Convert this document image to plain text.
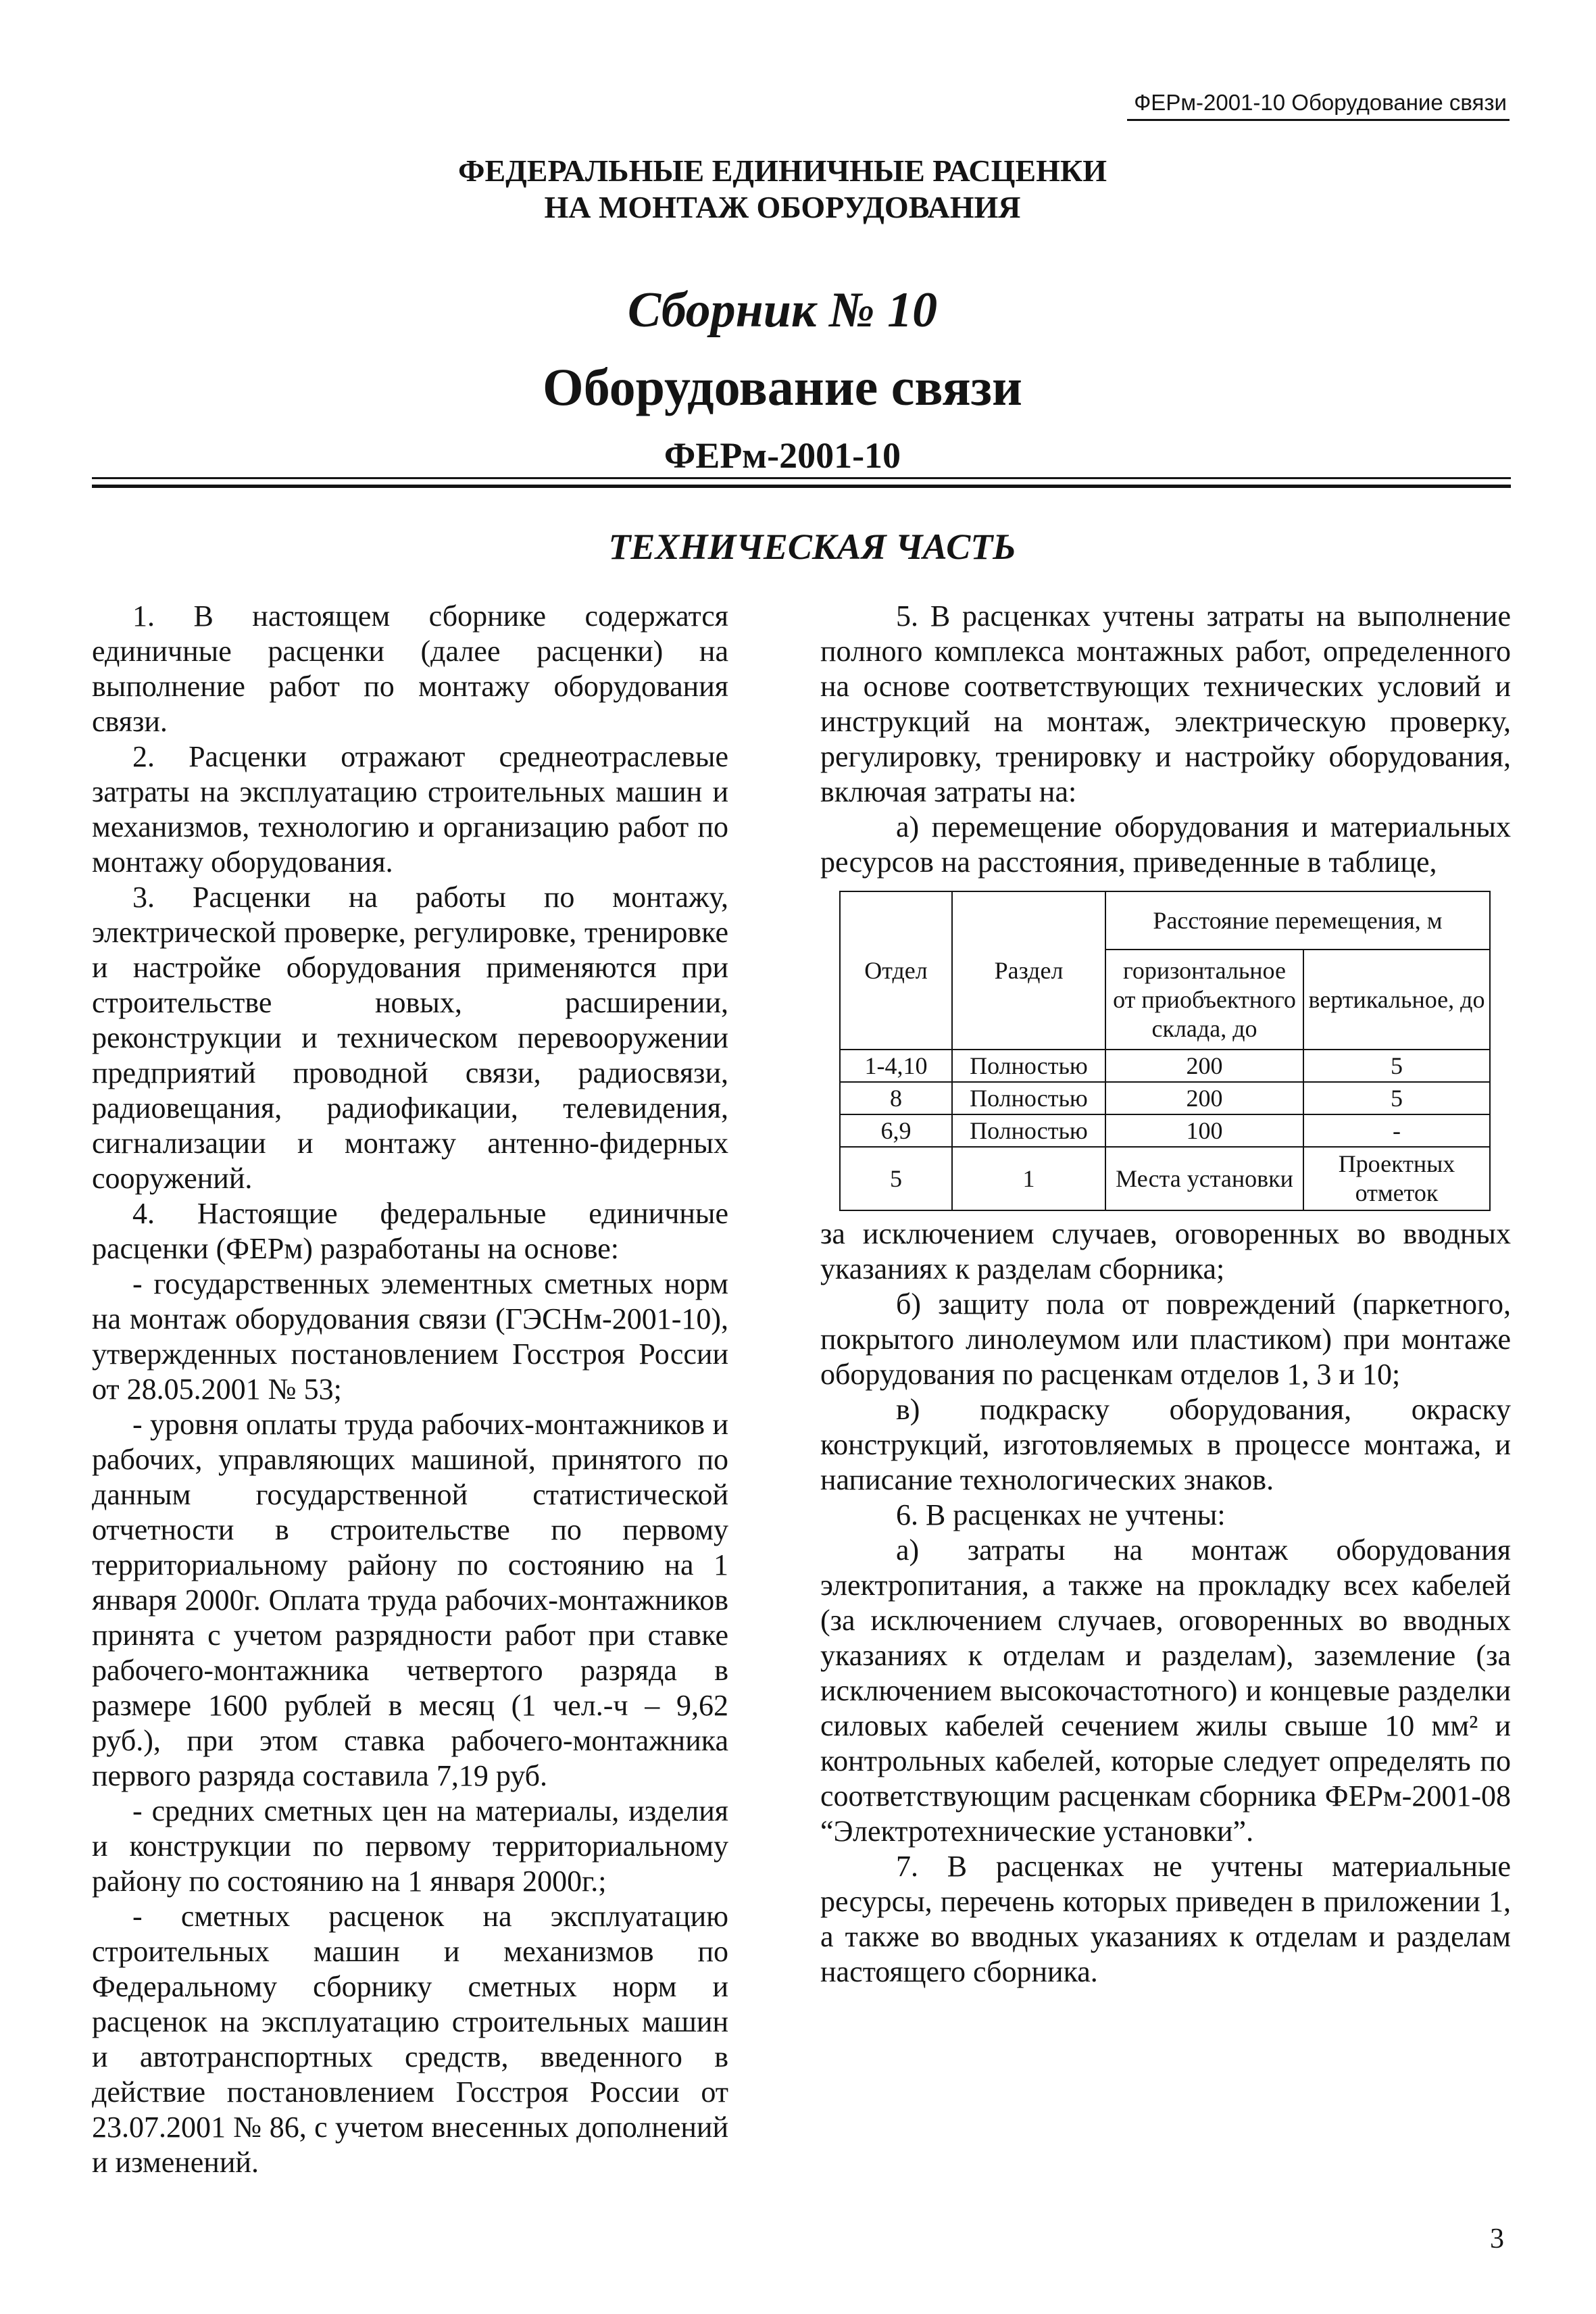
ФЕРм-2001-10 Оборудование связи
ФЕДЕРАЛЬНЫЕ ЕДИНИЧНЫЕ РАСЦЕНКИ
НА МОНТАЖ ОБОРУДОВАНИЯ
Сборник № 10
Оборудование связи
ФЕРм-2001-10
ТЕХНИЧЕСКАЯ ЧАСТЬ

1. В настоящем сборнике содержатся единичные расценки (далее расценки) на выполнение работ по монтажу оборудования связи.

2. Расценки отражают среднеотраслевые затраты на эксплуатацию строительных машин и механизмов, технологию и организацию работ по монтажу оборудования.

3. Расценки на работы по монтажу, электрической проверке, регулировке, тренировке и настройке оборудования применяются при строительстве новых, расширении, реконструкции и техническом перевооружении предприятий проводной связи, радиосвязи, радиовещания, радиофикации, телевидения, сигнализации и монтажу антенно-фидерных сооружений.

4. Настоящие федеральные единичные расценки (ФЕРм) разработаны на основе:

- государственных элементных сметных норм на монтаж оборудования связи (ГЭСНм-2001-10), утвержденных постановлением Госстроя России от 28.05.2001 № 53;

- уровня оплаты труда рабочих-монтажников и рабочих, управляющих машиной, принятого по данным государственной статистической отчетности в строительстве по первому территориальному району по состоянию на 1 января 2000г. Оплата труда рабочих-монтажников принята с учетом разрядности работ при ставке рабочего-монтажника четвертого разряда в размере 1600 рублей в месяц (1 чел.-ч – 9,62 руб.), при этом ставка рабочего-монтажника первого разряда составила 7,19 руб.

- средних сметных цен на материалы, изделия и конструкции по первому территориальному району по состоянию на 1 января 2000г.;

- сметных расценок на эксплуатацию строительных машин и механизмов по Федеральному сборнику сметных норм и расценок на эксплуатацию строительных машин и автотранспортных средств, введенного в действие постановлением Госстроя России от 23.07.2001 № 86, с учетом внесенных дополнений и изменений.

5. В расценках учтены затраты на выполнение полного комплекса монтажных работ, определенного на основе соответствующих технических условий и инструкций на монтаж, электрическую проверку, регулировку, тренировку и настройку оборудования, включая затраты на:

а) перемещение оборудования и материальных ресурсов на расстояния, приведенные в таблице,

Отдел	Раздел	Расстояние перемещения, м	
		горизонтальное от приобъектного склада, до	вертикальное, до
1-4,10	Полностью	200	5
8	Полностью	200	5
6,9	Полностью	100	-
5	1	Места установки	Проектных отметок

за исключением случаев, оговоренных во вводных указаниях к разделам сборника;

б) защиту пола от повреждений (паркетного, покрытого линолеумом или пластиком) при монтаже оборудования по расценкам отделов 1, 3 и 10;

в) подкраску оборудования, окраску конструкций, изготовляемых в процессе монтажа, и написание технологических знаков.

6. В расценках не учтены:

а) затраты на монтаж оборудования электропитания, а также на прокладку всех кабелей (за исключением случаев, оговоренных во вводных указаниях к отделам и разделам), заземление (за исключением высокочастотного) и концевые разделки силовых кабелей сечением жилы свыше 10 мм² и контрольных кабелей, которые следует определять по соответствующим расценкам сборника ФЕРм-2001-08 “Электротехнические установки”.

7. В расценках не учтены материальные ресурсы, перечень которых приведен в приложении 1, а также во вводных указаниях к отделам и разделам настоящего сборника.

3
